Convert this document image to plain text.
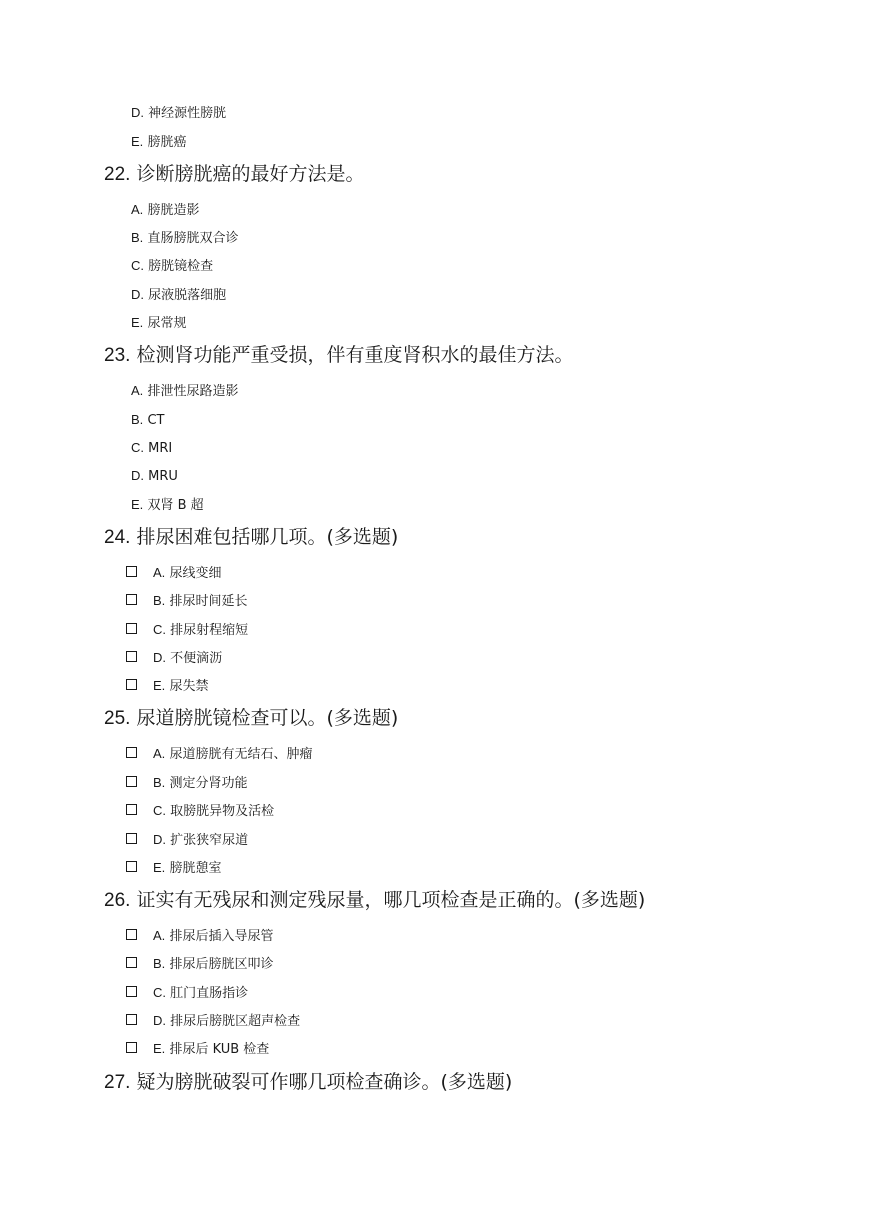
D. 神经源性膀胱
E. 膀胱癌
22. 诊断膀胱癌的最好方法是。
A. 膀胱造影
B. 直肠膀胱双合诊
C. 膀胱镜检查
D. 尿液脱落细胞
E. 尿常规
23. 检测肾功能严重受损，伴有重度肾积水的最佳方法。
A. 排泄性尿路造影
B. CT
C. MRI
D. MRU
E. 双肾 B 超
24. 排尿困难包括哪几项。(多选题)
A. 尿线变细
B. 排尿时间延长
C. 排尿射程缩短
D. 不便滴沥
E. 尿失禁
25. 尿道膀胱镜检查可以。(多选题)
A. 尿道膀胱有无结石、肿瘤
B. 测定分肾功能
C. 取膀胱异物及活检
D. 扩张狭窄尿道
E. 膀胱憩室
26. 证实有无残尿和测定残尿量，哪几项检查是正确的。(多选题)
A. 排尿后插入导尿管
B. 排尿后膀胱区叩诊
C. 肛门直肠指诊
D. 排尿后膀胱区超声检查
E. 排尿后 KUB 检查
27. 疑为膀胱破裂可作哪几项检查确诊。(多选题)
